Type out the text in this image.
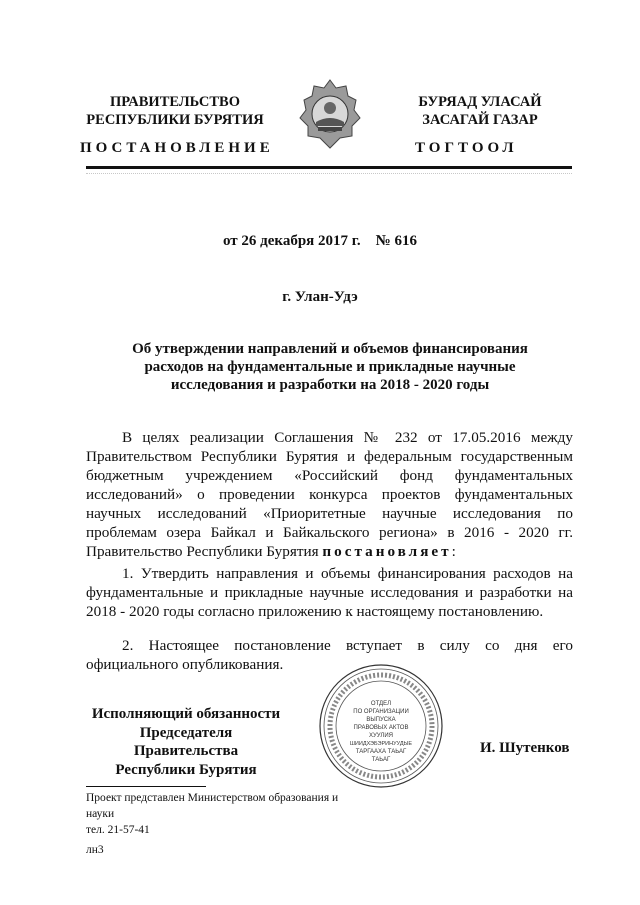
ПРАВИТЕЛЬСТВО
РЕСПУБЛИКИ БУРЯТИЯ
БУРЯАД УЛАСАЙ
ЗАСАГАЙ ГАЗАР
ПОСТАНОВЛЕНИЕ	ТОГТООЛ
от 26 декабря 2017 г.    № 616
г. Улан-Удэ
Об утверждении направлений и объемов финансирования
расходов на фундаментальные и прикладные научные
исследования и разработки на 2018 - 2020 годы
В целях реализации Соглашения № 232 от 17.05.2016 между Правительством Республики Бурятия и федеральным государственным бюджетным учреждением «Российский фонд фундаментальных исследований» о проведении конкурса проектов фундаментальных научных исследований «Приоритетные научные исследования по проблемам озера Байкал и Байкальского региона» в 2016 - 2020 гг. Правительство Республики Бурятия постановляет:
1. Утвердить направления и объемы финансирования расходов на фундаментальные и прикладные научные исследования и разработки на 2018 - 2020 годы согласно приложению к настоящему постановлению.
2. Настоящее постановление вступает в силу со дня его официального опубликования.
Исполняющий обязанности
Председателя Правительства
Республики Бурятия
ОТДЕЛ
ПО ОРГАНИЗАЦИИ
ВЫПУСКА
ПРАВОВЫХ АКТОВ
ХУУЛИЯ
ШИИДХЭБЭРИНУУДЫЕ
ТАРГААХА ТАЬАГ
ТАЬАГ
И. Шутенков
Проект представлен Министерством образования и науки
тел. 21-57-41
лн3
